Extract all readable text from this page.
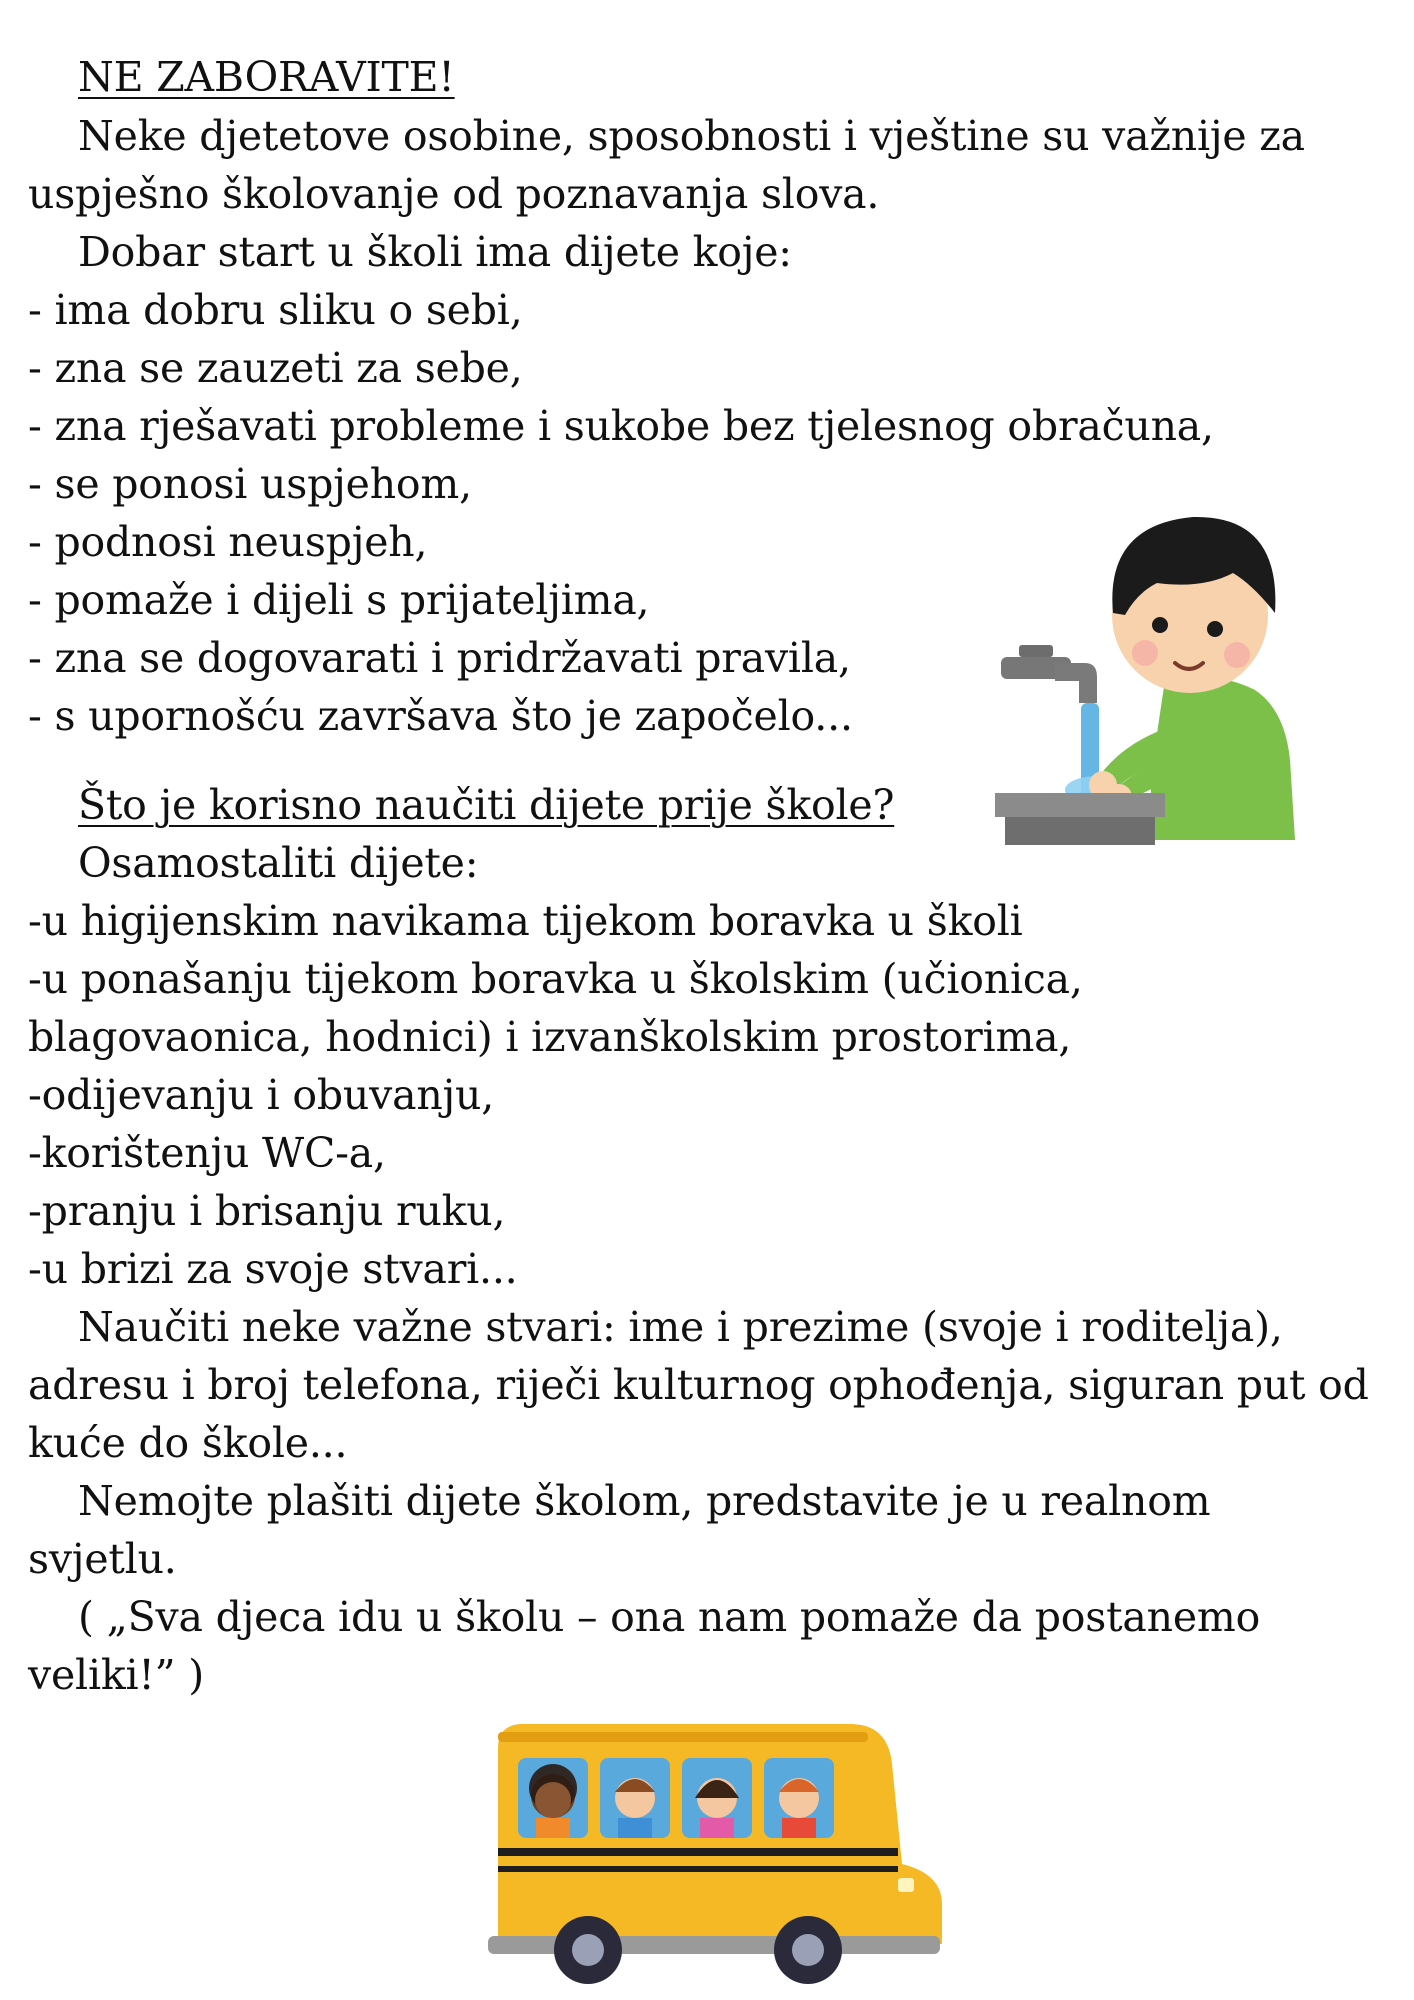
NE ZABORAVITE!
Neke djetetove osobine, sposobnosti i vještine su važnije za
uspješno školovanje od poznavanja slova.
Dobar start u školi ima dijete koje:
- ima dobru sliku o sebi,
- zna se zauzeti za sebe,
- zna rješavati probleme i sukobe bez tjelesnog obračuna,
- se ponosi uspjehom,
- podnosi neuspjeh,
- pomaže i dijeli s prijateljima,
- zna se dogovarati i pridržavati pravila,
- s upornošću završava što je započelo...
Što je korisno naučiti dijete prije škole?
Osamostaliti dijete:
-u higijenskim navikama tijekom boravka u školi
-u ponašanju tijekom boravka u školskim (učionica,
blagovaonica, hodnici) i izvanškolskim prostorima,
-odijevanju i obuvanju,
-korištenju WC-a,
-pranju i brisanju ruku,
-u brizi za svoje stvari...
Naučiti neke važne stvari: ime i prezime (svoje i roditelja),
adresu i broj telefona, riječi kulturnog ophođenja, siguran put od
kuće do škole...
Nemojte plašiti dijete školom, predstavite je u realnom
svjetlu.
( „Sva djeca idu u školu – ona nam pomaže da postanemo
veliki!” )
